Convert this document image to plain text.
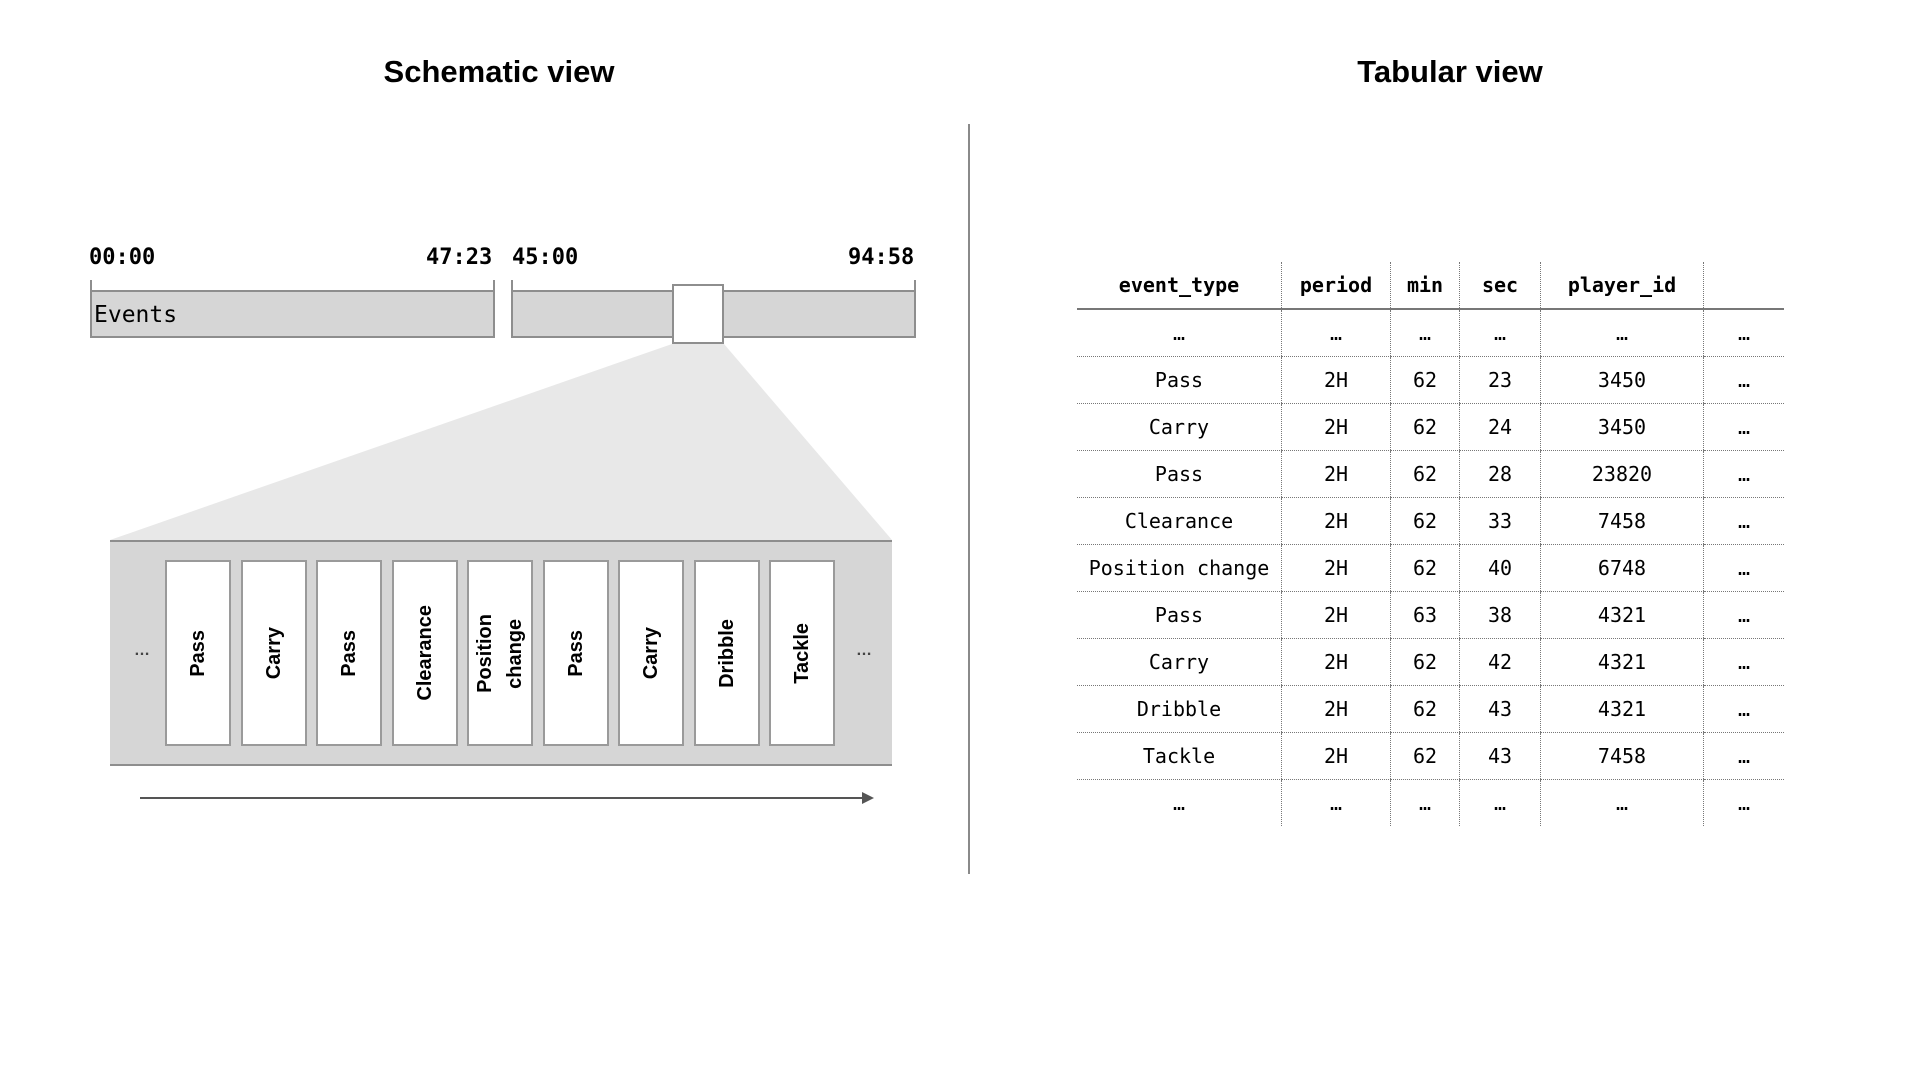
Schematic view	Tabular view
00:00	47:23 45:00	94:58
Events
… Pass	Carry	Pass	Clearance Position
change Pass	Carry	Dribble	Tackle	…
event_type	period	min	sec	player_id	
…	…	…	…	…	…
Pass	2H	62	23	3450	…
Carry	2H	62	24	3450	…
Pass	2H	62	28	23820	…
Clearance	2H	62	33	7458	…
Position change	2H	62	40	6748	…
Pass	2H	63	38	4321	…
Carry	2H	62	42	4321	…
Dribble	2H	62	43	4321	…
Tackle	2H	62	43	7458	…
…	…	…	…	…	…
